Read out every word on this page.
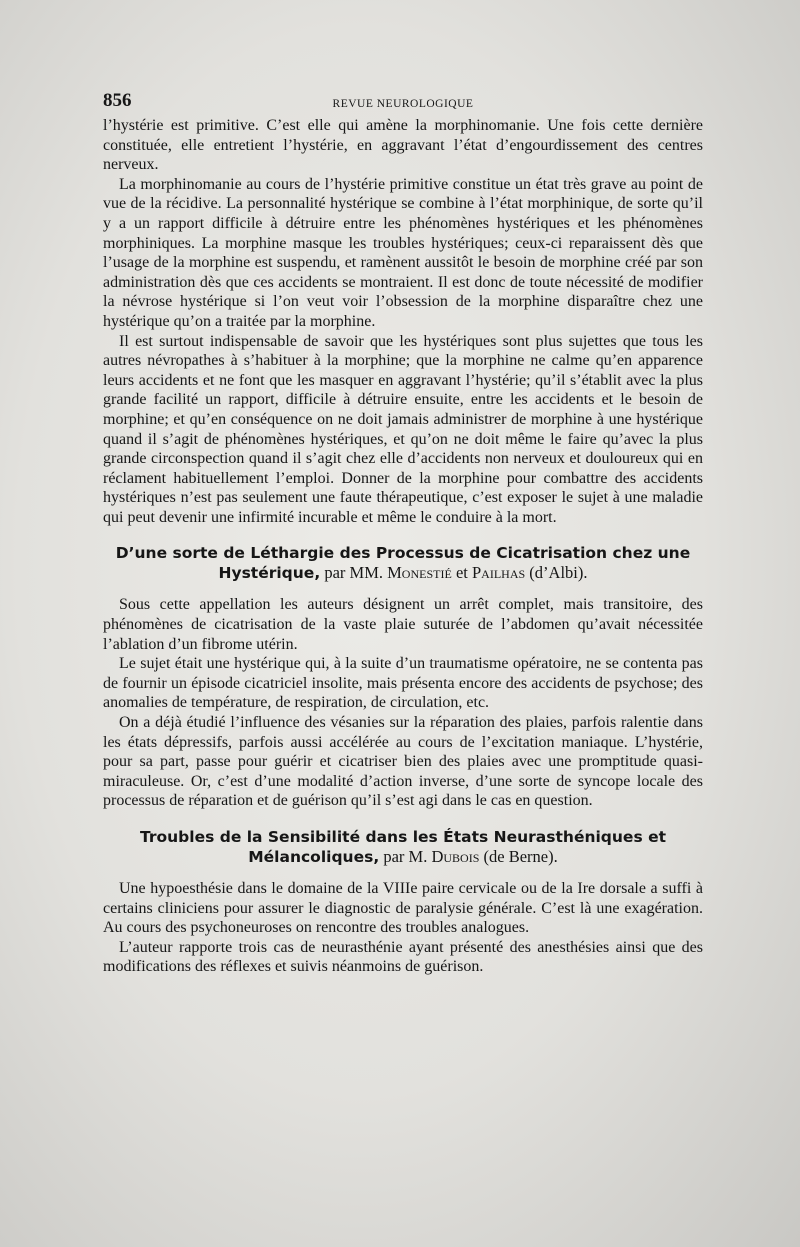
856	REVUE NEUROLOGIQUE

l’hystérie est primitive. C’est elle qui amène la morphinomanie. Une fois cette dernière constituée, elle entretient l’hystérie, en aggravant l’état d’engourdissement des centres nerveux.

La morphinomanie au cours de l’hystérie primitive constitue un état très grave au point de vue de la récidive. La personnalité hystérique se combine à l’état morphinique, de sorte qu’il y a un rapport difficile à détruire entre les phénomènes hystériques et les phénomènes morphiniques. La morphine masque les troubles hystériques; ceux-ci reparaissent dès que l’usage de la morphine est suspendu, et ramènent aussitôt le besoin de morphine créé par son administration dès que ces accidents se montraient. Il est donc de toute nécessité de modifier la névrose hystérique si l’on veut voir l’obsession de la morphine disparaître chez une hystérique qu’on a traitée par la morphine.

Il est surtout indispensable de savoir que les hystériques sont plus sujettes que tous les autres névropathes à s’habituer à la morphine; que la morphine ne calme qu’en apparence leurs accidents et ne font que les masquer en aggravant l’hystérie; qu’il s’établit avec la plus grande facilité un rapport, difficile à détruire ensuite, entre les accidents et le besoin de morphine; et qu’en conséquence on ne doit jamais administrer de morphine à une hystérique quand il s’agit de phénomènes hystériques, et qu’on ne doit même le faire qu’avec la plus grande circonspection quand il s’agit chez elle d’accidents non nerveux et douloureux qui en réclament habituellement l’emploi. Donner de la morphine pour combattre des accidents hystériques n’est pas seulement une faute thérapeutique, c’est exposer le sujet à une maladie qui peut devenir une infirmité incurable et même le conduire à la mort.

D’une sorte de Léthargie des Processus de Cicatrisation chez une Hystérique, par MM. Monestié et Pailhas (d’Albi).

Sous cette appellation les auteurs désignent un arrêt complet, mais transitoire, des phénomènes de cicatrisation de la vaste plaie suturée de l’abdomen qu’avait nécessitée l’ablation d’un fibrome utérin.

Le sujet était une hystérique qui, à la suite d’un traumatisme opératoire, ne se contenta pas de fournir un épisode cicatriciel insolite, mais présenta encore des accidents de psychose; des anomalies de température, de respiration, de circulation, etc.

On a déjà étudié l’influence des vésanies sur la réparation des plaies, parfois ralentie dans les états dépressifs, parfois aussi accélérée au cours de l’excitation maniaque. L’hystérie, pour sa part, passe pour guérir et cicatriser bien des plaies avec une promptitude quasi-miraculeuse. Or, c’est d’une modalité d’action inverse, d’une sorte de syncope locale des processus de réparation et de guérison qu’il s’est agi dans le cas en question.

Troubles de la Sensibilité dans les États Neurasthéniques et Mélancoliques, par M. Dubois (de Berne).

Une hypoesthésie dans le domaine de la VIIIe paire cervicale ou de la Ire dorsale a suffi à certains cliniciens pour assurer le diagnostic de paralysie générale. C’est là une exagération. Au cours des psychoneuroses on rencontre des troubles analogues.

L’auteur rapporte trois cas de neurasthénie ayant présenté des anesthésies ainsi que des modifications des réflexes et suivis néanmoins de guérison.
